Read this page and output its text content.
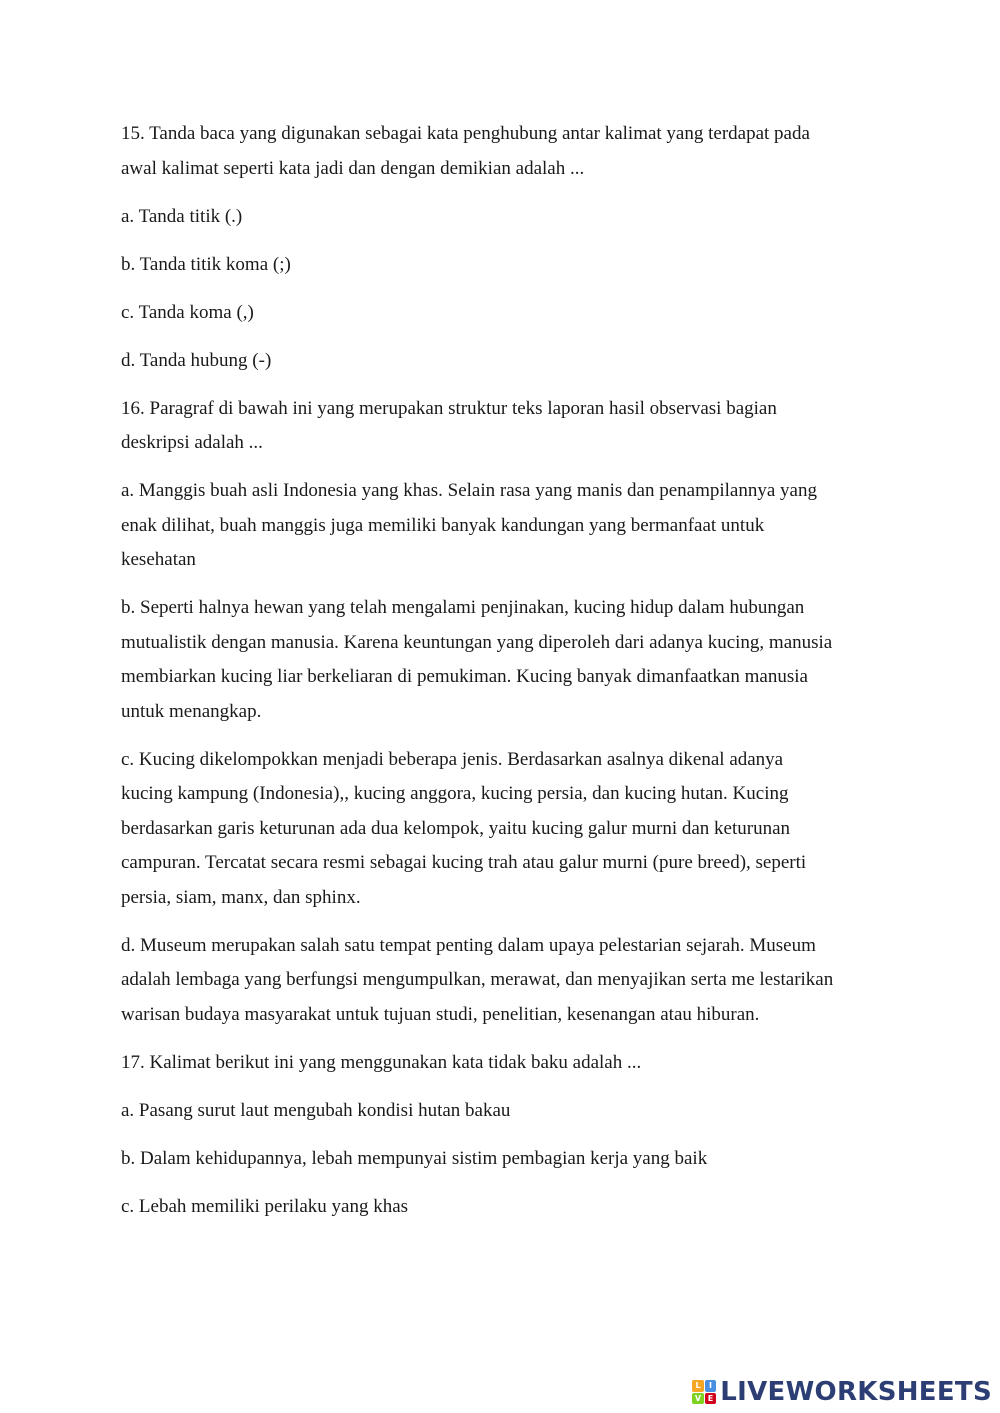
15. Tanda baca yang digunakan sebagai kata penghubung antar kalimat yang terdapat pada
awal kalimat seperti kata jadi dan dengan demikian adalah ...
a. Tanda titik (.)
b. Tanda titik koma (;)
c. Tanda koma (,)
d. Tanda hubung (-)
16. Paragraf di bawah ini yang merupakan struktur teks laporan hasil observasi bagian
deskripsi adalah ...
a. Manggis buah asli Indonesia yang khas. Selain rasa yang manis dan penampilannya yang
enak dilihat, buah manggis juga memiliki banyak kandungan yang bermanfaat untuk
kesehatan
b. Seperti halnya hewan yang telah mengalami penjinakan, kucing hidup dalam hubungan
mutualistik dengan manusia. Karena keuntungan yang diperoleh dari adanya kucing, manusia
membiarkan kucing liar berkeliaran di pemukiman. Kucing banyak dimanfaatkan manusia
untuk menangkap.
c. Kucing dikelompokkan menjadi beberapa jenis. Berdasarkan asalnya dikenal adanya
kucing kampung (Indonesia),, kucing anggora, kucing persia, dan kucing hutan. Kucing
berdasarkan garis keturunan ada dua kelompok, yaitu kucing galur murni dan keturunan
campuran. Tercatat secara resmi sebagai kucing trah atau galur murni (pure breed), seperti
persia, siam, manx, dan sphinx.
d. Museum merupakan salah satu tempat penting dalam upaya pelestarian sejarah. Museum
adalah lembaga yang berfungsi mengumpulkan, merawat, dan menyajikan serta me lestarikan
warisan budaya masyarakat untuk tujuan studi, penelitian, kesenangan atau hiburan.
17. Kalimat berikut ini yang menggunakan kata tidak baku adalah ...
a. Pasang surut laut mengubah kondisi hutan bakau
b. Dalam kehidupannya, lebah mempunyai sistim pembagian kerja yang baik
c. Lebah memiliki perilaku yang khas
L	I
V E LIVEWORKSHEETS
